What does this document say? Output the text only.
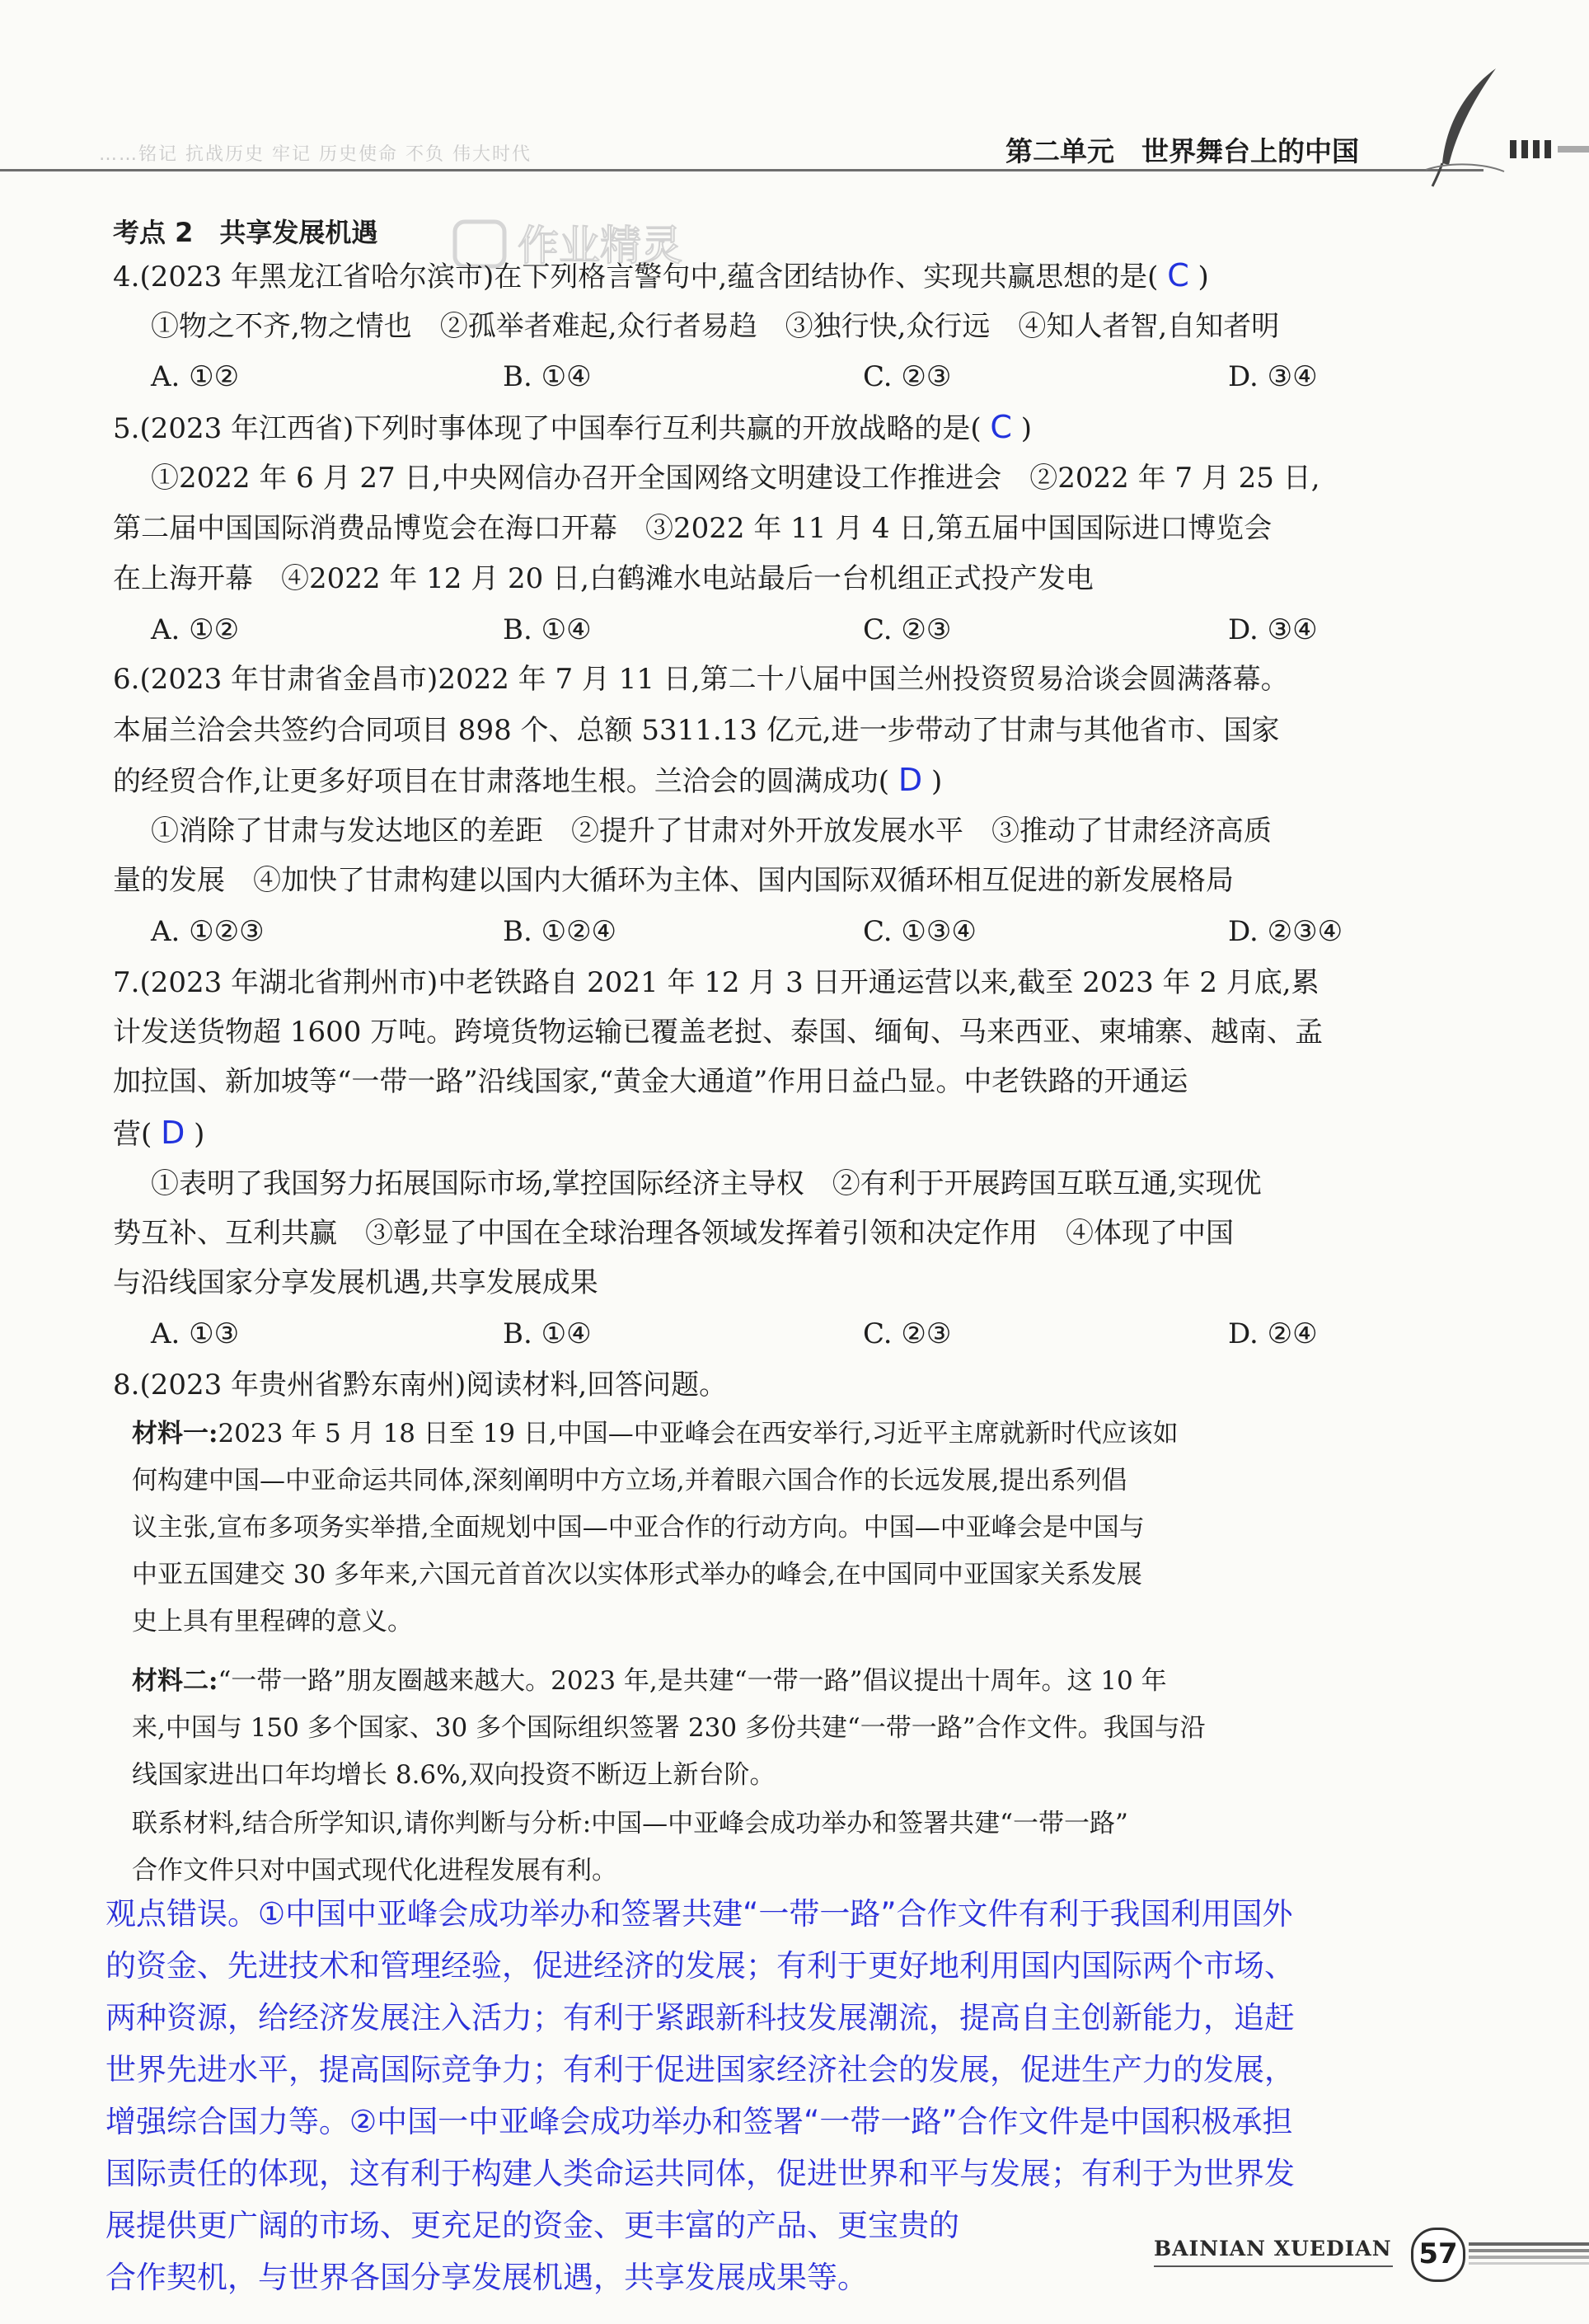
……铭记 抗战历史 牢记 历史使命 不负 伟大时代	第二单元　世界舞台上的中国
作业精灵
考点 2　共享发展机遇
4.(2023 年黑龙江省哈尔滨市)在下列格言警句中,蕴含团结协作、实现共赢思想的是( C )
①物之不齐,物之情也　②孤举者难起,众行者易趋　③独行快,众行远　④知人者智,自知者明
A. ①②	B. ①④	C. ②③	D. ③④
5.(2023 年江西省)下列时事体现了中国奉行互利共赢的开放战略的是( C )
①2022 年 6 月 27 日,中央网信办召开全国网络文明建设工作推进会　②2022 年 7 月 25 日,
第二届中国国际消费品博览会在海口开幕　③2022 年 11 月 4 日,第五届中国国际进口博览会
在上海开幕　④2022 年 12 月 20 日,白鹤滩水电站最后一台机组正式投产发电
A. ①②	B. ①④	C. ②③	D. ③④
6.(2023 年甘肃省金昌市)2022 年 7 月 11 日,第二十八届中国兰州投资贸易洽谈会圆满落幕。
本届兰洽会共签约合同项目 898 个、总额 5311.13 亿元,进一步带动了甘肃与其他省市、国家
的经贸合作,让更多好项目在甘肃落地生根。兰洽会的圆满成功( D )
①消除了甘肃与发达地区的差距　②提升了甘肃对外开放发展水平　③推动了甘肃经济高质
量的发展　④加快了甘肃构建以国内大循环为主体、国内国际双循环相互促进的新发展格局
A. ①②③	B. ①②④	C. ①③④	D. ②③④
7.(2023 年湖北省荆州市)中老铁路自 2021 年 12 月 3 日开通运营以来,截至 2023 年 2 月底,累
计发送货物超 1600 万吨。跨境货物运输已覆盖老挝、泰国、缅甸、马来西亚、柬埔寨、越南、孟
加拉国、新加坡等“一带一路”沿线国家,“黄金大通道”作用日益凸显。中老铁路的开通运
营( D )
①表明了我国努力拓展国际市场,掌控国际经济主导权　②有利于开展跨国互联互通,实现优
势互补、互利共赢　③彰显了中国在全球治理各领域发挥着引领和决定作用　④体现了中国
与沿线国家分享发展机遇,共享发展成果
A. ①③	B. ①④	C. ②③	D. ②④
8.(2023 年贵州省黔东南州)阅读材料,回答问题。
材料一:2023 年 5 月 18 日至 19 日,中国—中亚峰会在西安举行,习近平主席就新时代应该如
何构建中国—中亚命运共同体,深刻阐明中方立场,并着眼六国合作的长远发展,提出系列倡
议主张,宣布多项务实举措,全面规划中国—中亚合作的行动方向。中国—中亚峰会是中国与
中亚五国建交 30 多年来,六国元首首次以实体形式举办的峰会,在中国同中亚国家关系发展
史上具有里程碑的意义。
材料二:“一带一路”朋友圈越来越大。2023 年,是共建“一带一路”倡议提出十周年。这 10 年
来,中国与 150 多个国家、30 多个国际组织签署 230 多份共建“一带一路”合作文件。我国与沿
线国家进出口年均增长 8.6%,双向投资不断迈上新台阶。
联系材料,结合所学知识,请你判断与分析:中国—中亚峰会成功举办和签署共建“一带一路”
合作文件只对中国式现代化进程发展有利。
观点错误。①中国中亚峰会成功举办和签署共建“一带一路”合作文件有利于我国利用国外
的资金、先进技术和管理经验，促进经济的发展；有利于更好地利用国内国际两个市场、
两种资源，给经济发展注入活力；有利于紧跟新科技发展潮流，提高自主创新能力，追赶
世界先进水平，提高国际竞争力；有利于促进国家经济社会的发展，促进生产力的发展，
增强综合国力等。②中国一中亚峰会成功举办和签署“一带一路”合作文件是中国积极承担
国际责任的体现，这有利于构建人类命运共同体，促进世界和平与发展；有利于为世界发
展提供更广阔的市场、更充足的资金、更丰富的产品、更宝贵的
合作契机，与世界各国分享发展机遇，共享发展成果等。
BAINIAN XUEDIAN 57
